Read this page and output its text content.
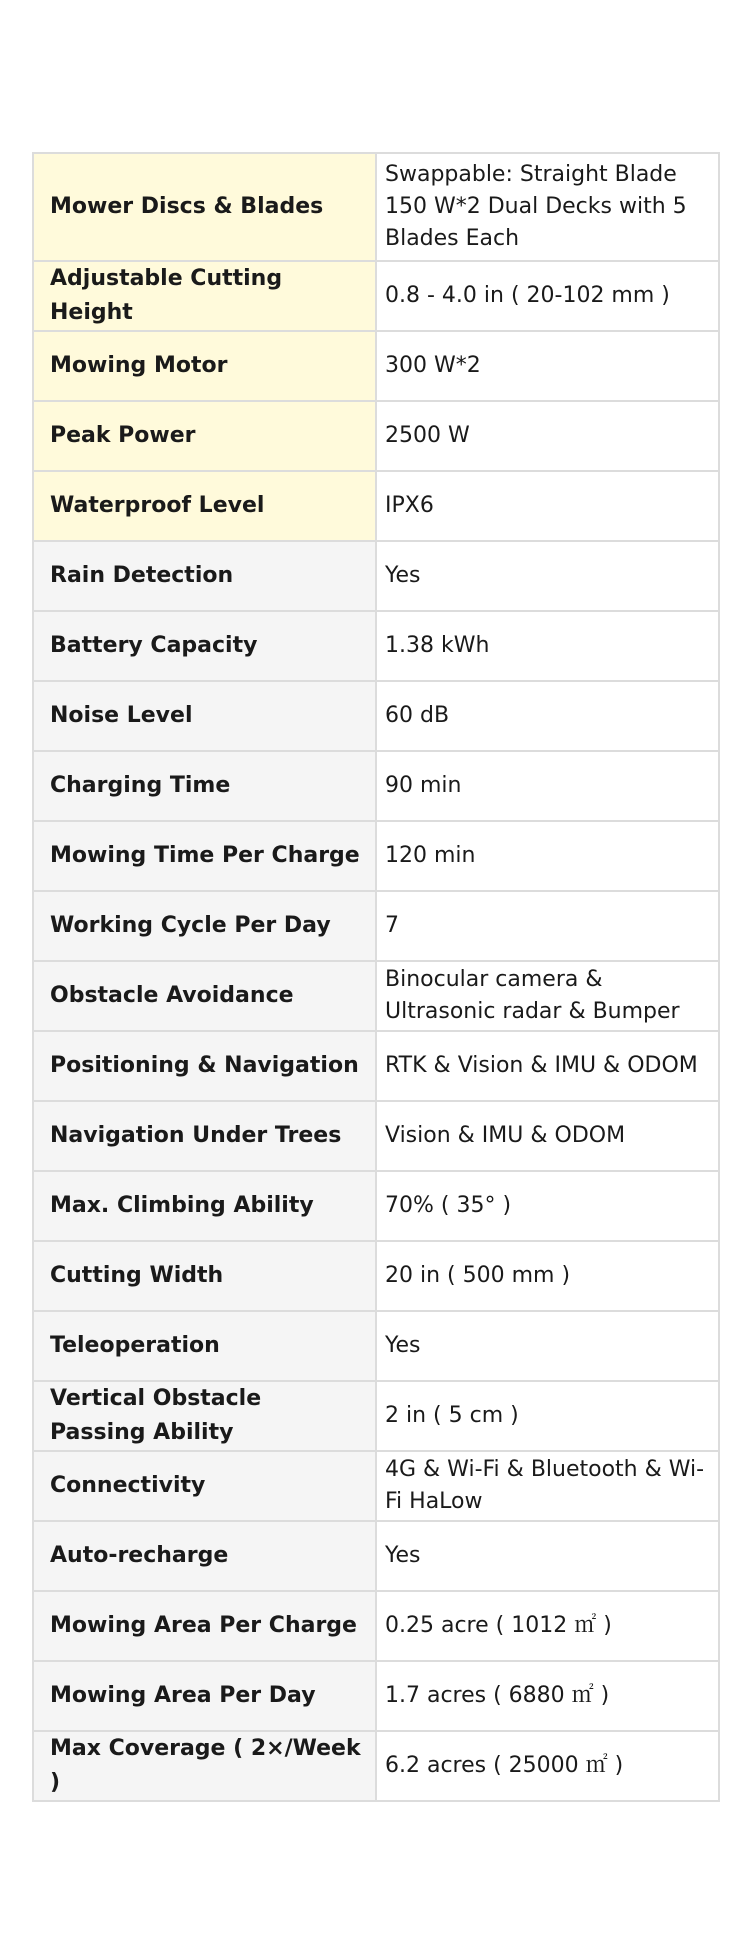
Mower Discs & Blades	Swappable: Straight Blade 150 W*2 Dual Decks with 5 Blades Each
Adjustable Cutting Height	0.8 - 4.0 in ( 20-102 mm )
Mowing Motor	300 W*2
Peak Power	2500 W
Waterproof Level	IPX6
Rain Detection	Yes
Battery Capacity	1.38 kWh
Noise Level	60 dB
Charging Time	90 min
Mowing Time Per Charge	120 min
Working Cycle Per Day	7
Obstacle Avoidance	Binocular camera & Ultrasonic radar & Bumper
Positioning & Navigation	RTK & Vision & IMU & ODOM
Navigation Under Trees	Vision & IMU & ODOM
Max. Climbing Ability	70% ( 35° )
Cutting Width	20 in ( 500 mm )
Teleoperation	Yes
Vertical Obstacle Passing Ability	2 in ( 5 cm )
Connectivity	4G & Wi-Fi & Bluetooth & Wi-Fi HaLow
Auto-recharge	Yes
Mowing Area Per Charge	0.25 acre ( 1012 ㎡ )
Mowing Area Per Day	1.7 acres ( 6880 ㎡ )
Max Coverage ( 2×/Week )	6.2 acres ( 25000 ㎡ )
